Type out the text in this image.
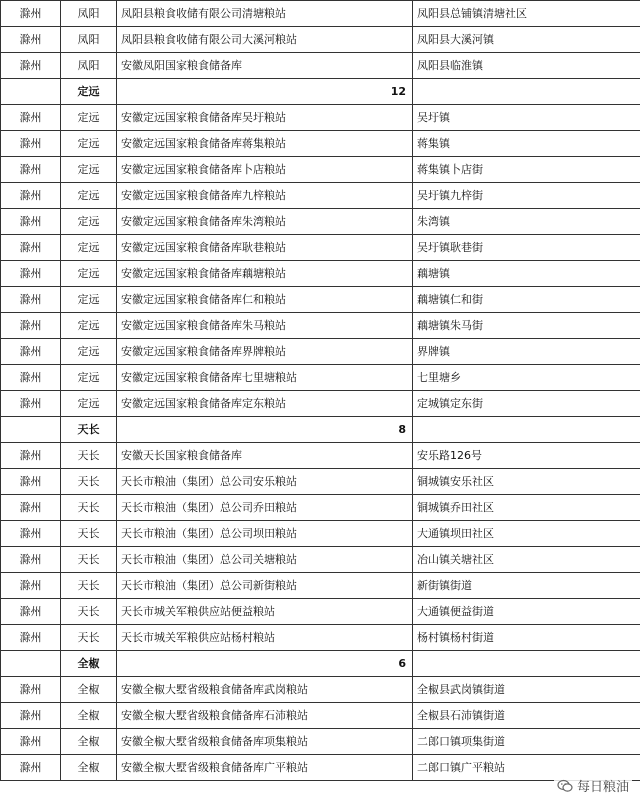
滁州	凤阳	凤阳县粮食收储有限公司清塘粮站	凤阳县总铺镇清塘社区
滁州	凤阳	凤阳县粮食收储有限公司大溪河粮站	凤阳县大溪河镇
滁州	凤阳	安徽凤阳国家粮食储备库	凤阳县临淮镇
	定远	12	
滁州	定远	安徽定远国家粮食储备库吴圩粮站	吴圩镇
滁州	定远	安徽定远国家粮食储备库蒋集粮站	蒋集镇
滁州	定远	安徽定远国家粮食储备库卜店粮站	蒋集镇卜店街
滁州	定远	安徽定远国家粮食储备库九梓粮站	吴圩镇九梓街
滁州	定远	安徽定远国家粮食储备库朱湾粮站	朱湾镇
滁州	定远	安徽定远国家粮食储备库耿巷粮站	吴圩镇耿巷街
滁州	定远	安徽定远国家粮食储备库藕塘粮站	藕塘镇
滁州	定远	安徽定远国家粮食储备库仁和粮站	藕塘镇仁和街
滁州	定远	安徽定远国家粮食储备库朱马粮站	藕塘镇朱马街
滁州	定远	安徽定远国家粮食储备库界牌粮站	界牌镇
滁州	定远	安徽定远国家粮食储备库七里塘粮站	七里塘乡
滁州	定远	安徽定远国家粮食储备库定东粮站	定城镇定东街
	天长	8	
滁州	天长	安徽天长国家粮食储备库	安乐路126号
滁州	天长	天长市粮油（集团）总公司安乐粮站	铜城镇安乐社区
滁州	天长	天长市粮油（集团）总公司乔田粮站	铜城镇乔田社区
滁州	天长	天长市粮油（集团）总公司坝田粮站	大通镇坝田社区
滁州	天长	天长市粮油（集团）总公司关塘粮站	冶山镇关塘社区
滁州	天长	天长市粮油（集团）总公司新街粮站	新街镇街道
滁州	天长	天长市城关军粮供应站便益粮站	大通镇便益街道
滁州	天长	天长市城关军粮供应站杨村粮站	杨村镇杨村街道
	全椒	6	
滁州	全椒	安徽全椒大墅省级粮食储备库武岗粮站	全椒县武岗镇街道
滁州	全椒	安徽全椒大墅省级粮食储备库石沛粮站	全椒县石沛镇街道
滁州	全椒	安徽全椒大墅省级粮食储备库项集粮站	二郎口镇项集街道
滁州	全椒	安徽全椒大墅省级粮食储备库广平粮站	二郎口镇广平粮站
每日粮油
